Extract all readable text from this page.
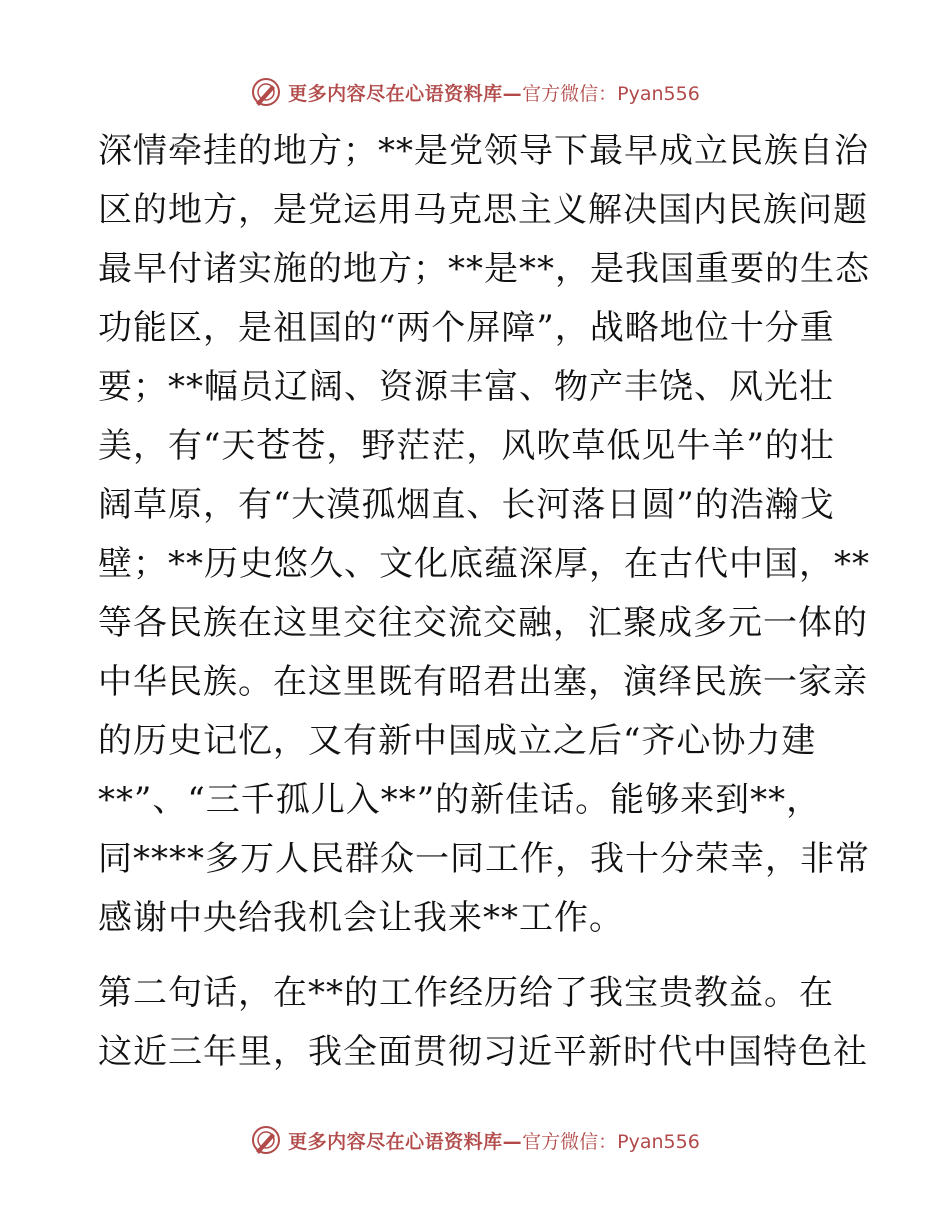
更多内容尽在心语资料库— 官方微信：Pyan556
深情牵挂的地方；**是党领导下最早成立民族自治
区的地方，是党运用马克思主义解决国内民族问题
最早付诸实施的地方；**是**，是我国重要的生态
功能区，是祖国的“两个屏障”，战略地位十分重
要；**幅员辽阔、资源丰富、物产丰饶、风光壮
美，有“天苍苍，野茫茫，风吹草低见牛羊”的壮
阔草原，有“大漠孤烟直、长河落日圆”的浩瀚戈
壁；**历史悠久、文化底蕴深厚，在古代中国，**
等各民族在这里交往交流交融，汇聚成多元一体的
中华民族。在这里既有昭君出塞，演绎民族一家亲
的历史记忆，又有新中国成立之后“齐心协力建
**”、“三千孤儿入**”的新佳话。能够来到**，
同****多万人民群众一同工作，我十分荣幸，非常
感谢中央给我机会让我来**工作。
第二句话，在**的工作经历给了我宝贵教益。在
这近三年里，我全面贯彻习近平新时代中国特色社
更多内容尽在心语资料库— 官方微信：Pyan556
